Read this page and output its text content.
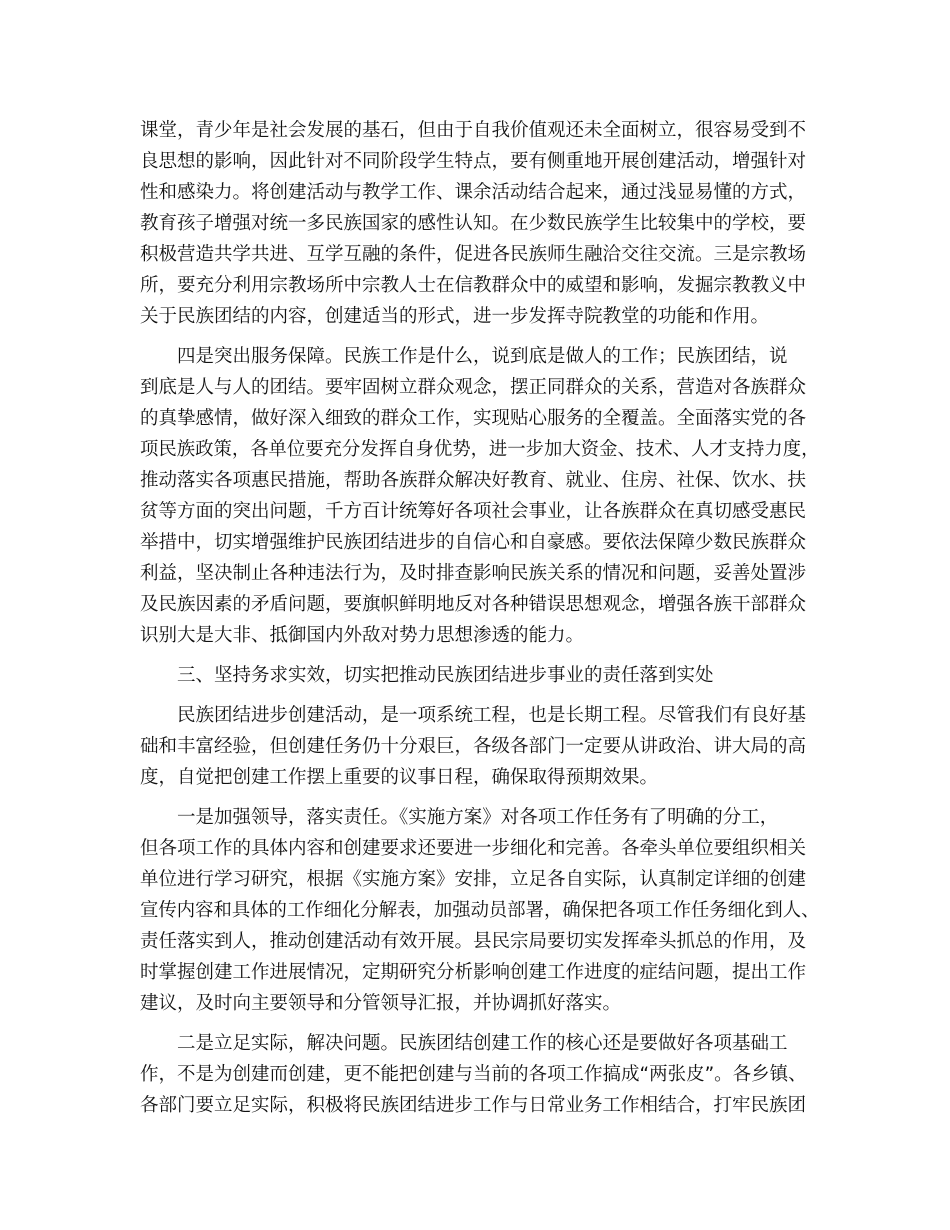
课堂，青少年是社会发展的基石，但由于自我价值观还未全面树立，很容易受到不
良思想的影响，因此针对不同阶段学生特点，要有侧重地开展创建活动，增强针对
性和感染力。将创建活动与教学工作、课余活动结合起来，通过浅显易懂的方式，
教育孩子增强对统一多民族国家的感性认知。在少数民族学生比较集中的学校，要
积极营造共学共进、互学互融的条件，促进各民族师生融洽交往交流。三是宗教场
所，要充分利用宗教场所中宗教人士在信教群众中的威望和影响，发掘宗教教义中
关于民族团结的内容，创建适当的形式，进一步发挥寺院教堂的功能和作用。
四是突出服务保障。民族工作是什么，说到底是做人的工作；民族团结，说
到底是人与人的团结。要牢固树立群众观念，摆正同群众的关系，营造对各族群众
的真挚感情，做好深入细致的群众工作，实现贴心服务的全覆盖。全面落实党的各
项民族政策，各单位要充分发挥自身优势，进一步加大资金、技术、人才支持力度，
推动落实各项惠民措施，帮助各族群众解决好教育、就业、住房、社保、饮水、扶
贫等方面的突出问题，千方百计统筹好各项社会事业，让各族群众在真切感受惠民
举措中，切实增强维护民族团结进步的自信心和自豪感。要依法保障少数民族群众
利益，坚决制止各种违法行为，及时排查影响民族关系的情况和问题，妥善处置涉
及民族因素的矛盾问题，要旗帜鲜明地反对各种错误思想观念，增强各族干部群众
识别大是大非、抵御国内外敌对势力思想渗透的能力。
三、坚持务求实效，切实把推动民族团结进步事业的责任落到实处
民族团结进步创建活动，是一项系统工程，也是长期工程。尽管我们有良好基
础和丰富经验，但创建任务仍十分艰巨，各级各部门一定要从讲政治、讲大局的高
度，自觉把创建工作摆上重要的议事日程，确保取得预期效果。
一是加强领导，落实责任。《实施方案》对各项工作任务有了明确的分工，
但各项工作的具体内容和创建要求还要进一步细化和完善。各牵头单位要组织相关
单位进行学习研究，根据《实施方案》安排，立足各自实际，认真制定详细的创建
宣传内容和具体的工作细化分解表，加强动员部署，确保把各项工作任务细化到人、
责任落实到人，推动创建活动有效开展。县民宗局要切实发挥牵头抓总的作用，及
时掌握创建工作进展情况，定期研究分析影响创建工作进度的症结问题，提出工作
建议，及时向主要领导和分管领导汇报，并协调抓好落实。
二是立足实际，解决问题。民族团结创建工作的核心还是要做好各项基础工
作，不是为创建而创建，更不能把创建与当前的各项工作搞成“两张皮”。各乡镇、
各部门要立足实际，积极将民族团结进步工作与日常业务工作相结合，打牢民族团
